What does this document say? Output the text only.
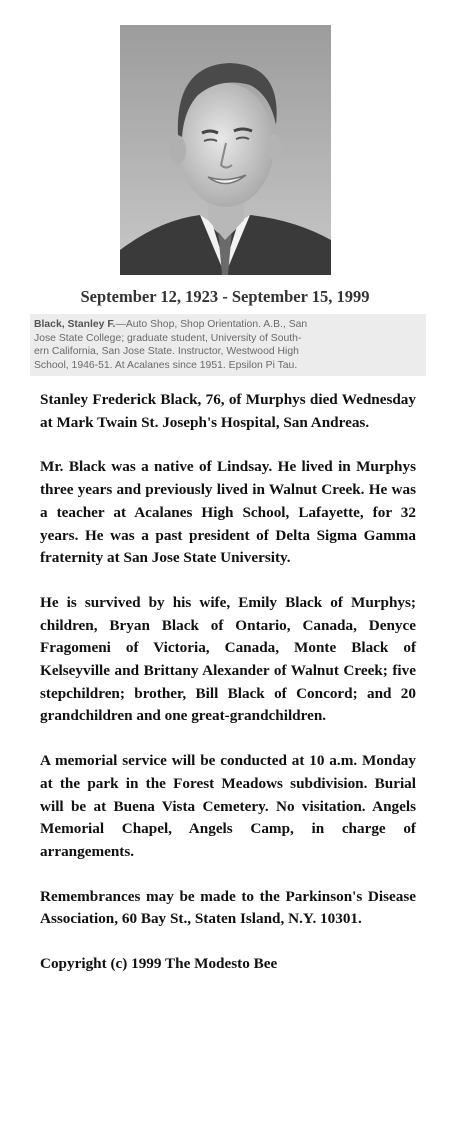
September 12, 1923 - September 15, 1999
Black, Stanley F.—Auto Shop, Shop Orientation. A.B., San
Jose State College; graduate student, University of South-
ern California, San Jose State. Instructor, Westwood High
School, 1946-51. At Acalanes since 1951. Epsilon Pi Tau.

Stanley Frederick Black, 76, of Murphys died Wednesday at Mark Twain St. Joseph's Hospital, San Andreas.

Mr. Black was a native of Lindsay. He lived in Murphys three years and previously lived in Walnut Creek. He was a teacher at Acalanes High School, Lafayette, for 32 years. He was a past president of Delta Sigma Gamma fraternity at San Jose State University.

He is survived by his wife, Emily Black of Murphys; children, Bryan Black of Ontario, Canada, Denyce Fragomeni of Victoria, Canada, Monte Black of Kelseyville and Brittany Alexander of Walnut Creek; five stepchildren; brother, Bill Black of Concord; and 20 grandchildren and one great-grandchildren.

A memorial service will be conducted at 10 a.m. Monday at the park in the Forest Meadows subdivision. Burial will be at Buena Vista Cemetery. No visitation. Angels Memorial Chapel, Angels Camp, in charge of arrangements.

Remembrances may be made to the Parkinson's Disease Association, 60 Bay St., Staten Island, N.Y. 10301.

Copyright (c) 1999 The Modesto Bee
